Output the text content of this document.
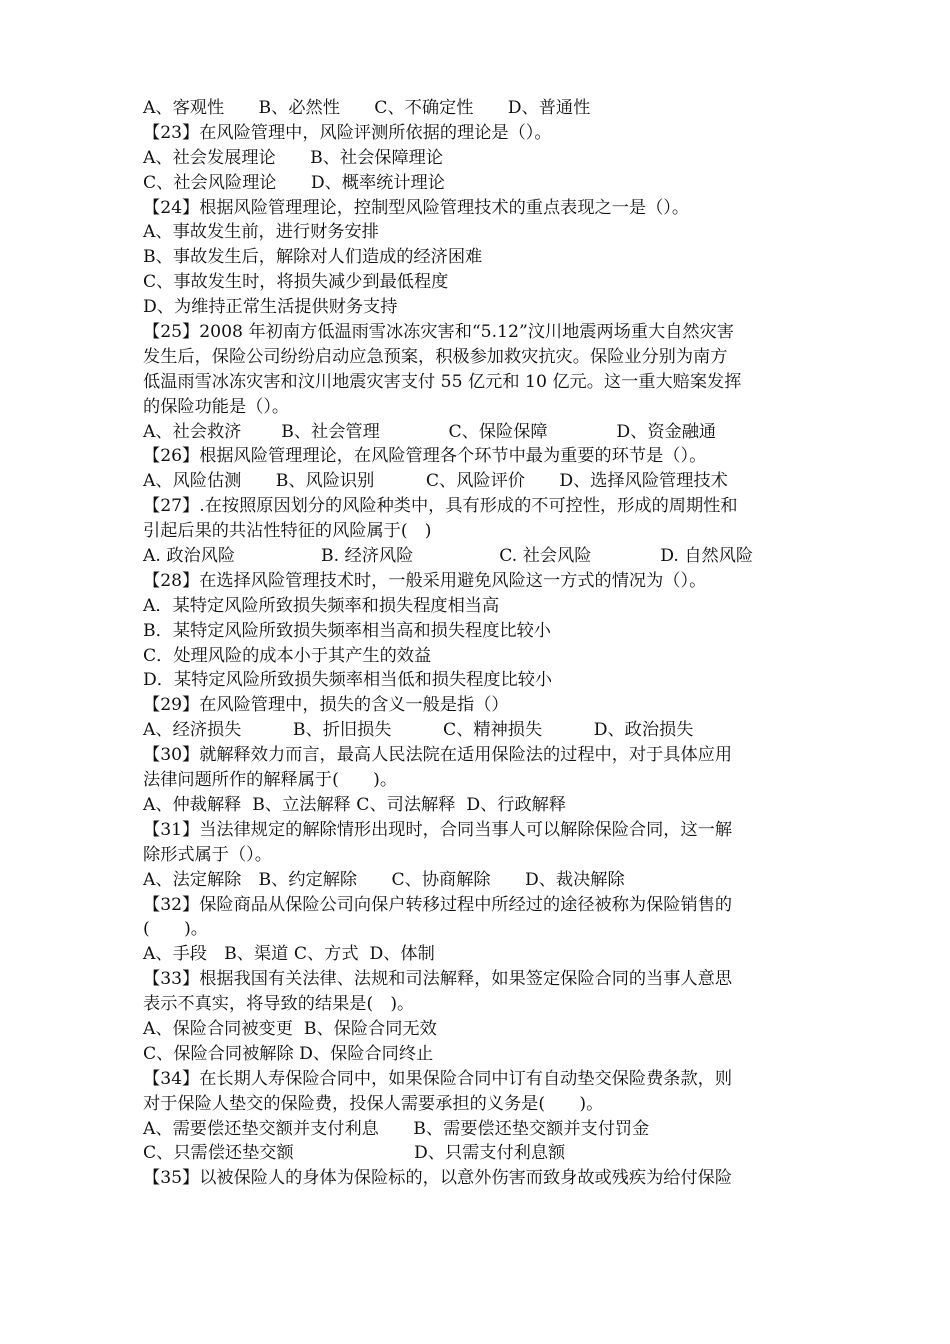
A、客观性　　B、必然性　　C、不确定性　　D、普通性
【23】在风险管理中，风险评测所依据的理论是（）。
A、社会发展理论　　B、社会保障理论
C、社会风险理论　　D、概率统计理论
【24】根据风险管理理论，控制型风险管理技术的重点表现之一是（）。
A、事故发生前，进行财务安排
B、事故发生后，解除对人们造成的经济困难
C、事故发生时，将损失减少到最低程度
D、为维持正常生活提供财务支持
【25】2008 年初南方低温雨雪冰冻灾害和“5.12”汶川地震两场重大自然灾害
发生后，保险公司纷纷启动应急预案，积极参加救灾抗灾。保险业分别为南方
低温雨雪冰冻灾害和汶川地震灾害支付 55 亿元和 10 亿元。这一重大赔案发挥
的保险功能是（）。
A、社会救济　　 B、社会管理　　　　C、保险保障　　　　D、资金融通
【26】根据风险管理理论，在风险管理各个环节中最为重要的环节是（）。
A、风险估测　　B、风险识别　　　C、风险评价　　D、选择风险管理技术
【27】.在按照原因划分的风险种类中，具有形成的不可控性，形成的周期性和
引起后果的共沾性特征的风险属于(　)
A. 政治风险　　　　　B. 经济风险　　　　　C. 社会风险　　　　D. 自然风险
【28】在选择风险管理技术时，一般采用避免风险这一方式的情况为（）。
A．某特定风险所致损失频率和损失程度相当高
B．某特定风险所致损失频率相当高和损失程度比较小
C．处理风险的成本小于其产生的效益
D．某特定风险所致损失频率相当低和损失程度比较小
【29】在风险管理中，损失的含义一般是指（）
A、经济损失　　　B、折旧损失　　　C、精神损失　　　D、政治损失
【30】就解释效力而言，最高人民法院在适用保险法的过程中，对于具体应用
法律问题所作的解释属于(　　)。
A、仲裁解释  B、立法解释 C、司法解释  D、行政解释
【31】当法律规定的解除情形出现时，合同当事人可以解除保险合同，这一解
除形式属于（）。
A、法定解除　B、约定解除　　C、协商解除　　D、裁决解除
【32】保险商品从保险公司向保户转移过程中所经过的途径被称为保险销售的
(　　)。
A、手段　B、渠道 C、方式  D、体制
【33】根据我国有关法律、法规和司法解释，如果签定保险合同的当事人意思
表示不真实，将导致的结果是(　)。
A、保险合同被变更  B、保险合同无效
C、保险合同被解除 D、保险合同终止
【34】在长期人寿保险合同中，如果保险合同中订有自动垫交保险费条款，则
对于保险人垫交的保险费，投保人需要承担的义务是(　　)。
A、需要偿还垫交额并支付利息　　B、需要偿还垫交额并支付罚金
C、只需偿还垫交额　　　　　　　D、只需支付利息额
【35】以被保险人的身体为保险标的，以意外伤害而致身故或残疾为给付保险
